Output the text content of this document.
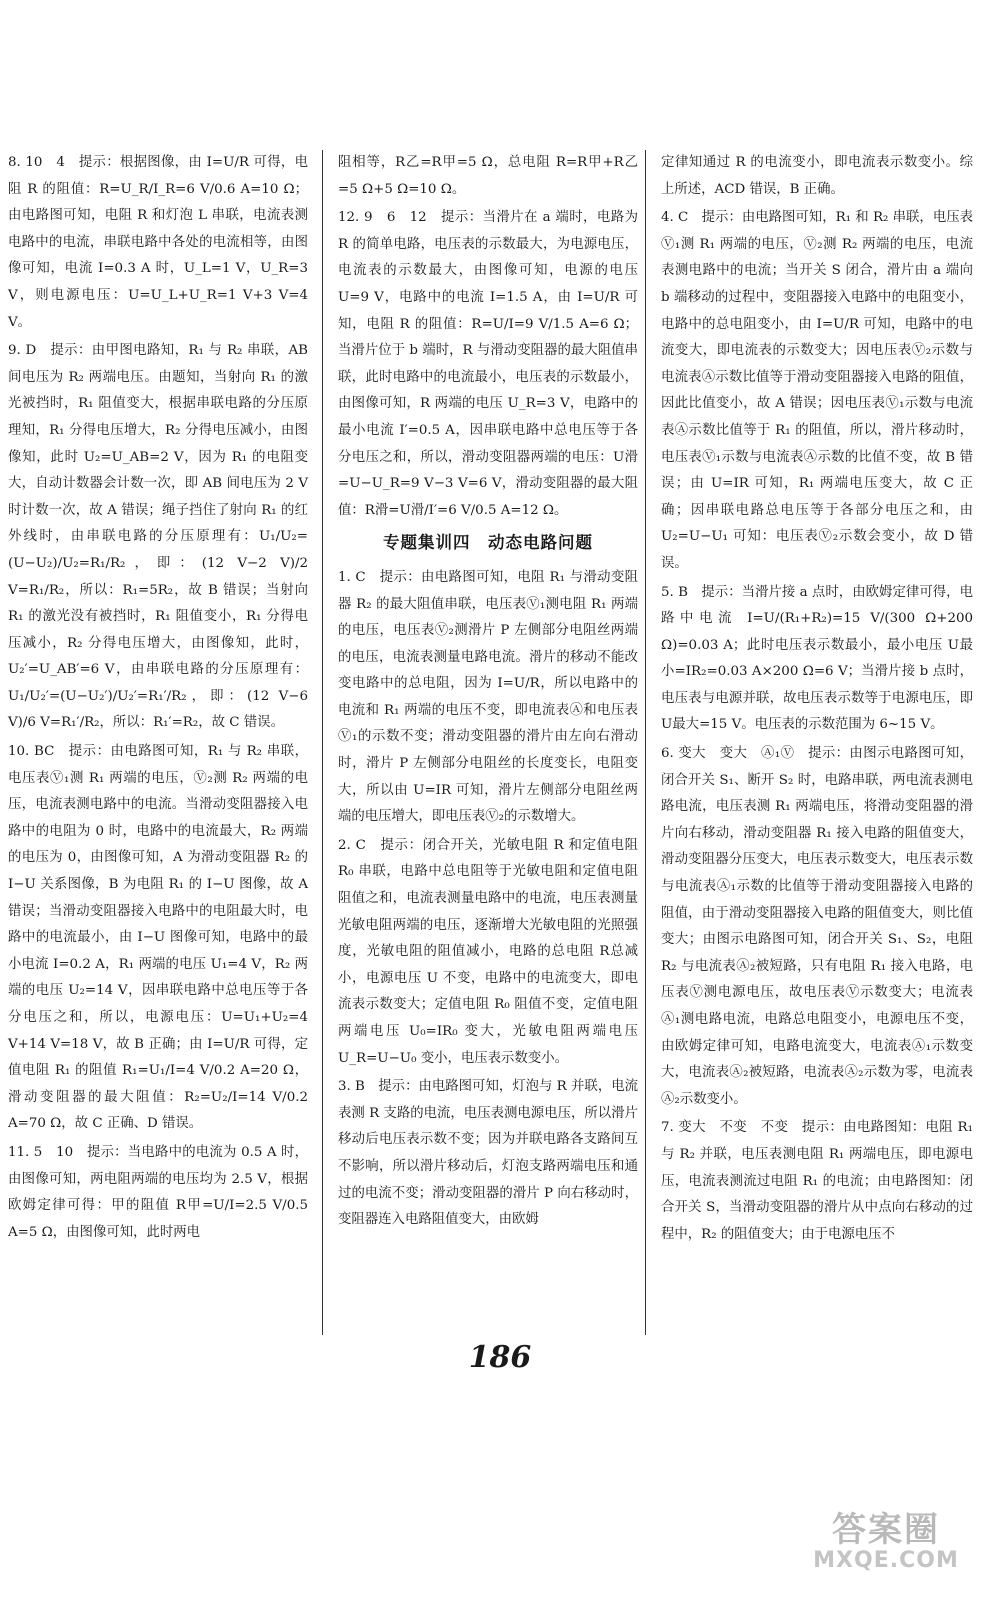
8. 10　4　提示：根据图像，由 I=U/R 可得，电阻 R 的阻值：R=U_R/I_R=6 V/0.6 A=10 Ω；由电路图可知，电阻 R 和灯泡 L 串联，电流表测电路中的电流，串联电路中各处的电流相等，由图像可知，电流 I=0.3 A 时，U_L=1 V，U_R=3 V，则电源电压：U=U_L+U_R=1 V+3 V=4 V。

9. D　提示：由甲图电路知，R₁ 与 R₂ 串联，AB 间电压为 R₂ 两端电压。由题知，当射向 R₁ 的激光被挡时，R₁ 阻值变大，根据串联电路的分压原理知，R₁ 分得电压增大，R₂ 分得电压减小，由图像知，此时 U₂=U_AB=2 V，因为 R₁ 的电阻变大，自动计数器会计数一次，即 AB 间电压为 2 V 时计数一次，故 A 错误；绳子挡住了射向 R₁ 的红外线时，由串联电路的分压原理有：U₁/U₂=(U−U₂)/U₂=R₁/R₂，即：(12 V−2 V)/2 V=R₁/R₂，所以：R₁=5R₂，故 B 错误；当射向 R₁ 的激光没有被挡时，R₁ 阻值变小，R₁ 分得电压减小，R₂ 分得电压增大，由图像知，此时，U₂′=U_AB′=6 V，由串联电路的分压原理有：U₁/U₂′=(U−U₂′)/U₂′=R₁′/R₂，即：(12 V−6 V)/6 V=R₁′/R₂，所以：R₁′=R₂，故 C 错误。

10. BC　提示：由电路图可知，R₁ 与 R₂ 串联，电压表Ⓥ₁测 R₁ 两端的电压，Ⓥ₂测 R₂ 两端的电压，电流表测电路中的电流。当滑动变阻器接入电路中的电阻为 0 时，电路中的电流最大，R₂ 两端的电压为 0，由图像可知，A 为滑动变阻器 R₂ 的 I−U 关系图像，B 为电阻 R₁ 的 I−U 图像，故 A 错误；当滑动变阻器接入电路中的电阻最大时，电路中的电流最小，由 I−U 图像可知，电路中的最小电流 I=0.2 A，R₁ 两端的电压 U₁=4 V，R₂ 两端的电压 U₂=14 V，因串联电路中总电压等于各分电压之和，所以，电源电压：U=U₁+U₂=4 V+14 V=18 V，故 B 正确；由 I=U/R 可得，定值电阻 R₁ 的阻值 R₁=U₁/I=4 V/0.2 A=20 Ω，滑动变阻器的最大阻值：R₂=U₂/I=14 V/0.2 A=70 Ω，故 C 正确、D 错误。

11. 5　10　提示：当电路中的电流为 0.5 A 时，由图像可知，两电阻两端的电压均为 2.5 V，根据欧姆定律可得：甲的阻值 R甲=U/I=2.5 V/0.5 A=5 Ω，由图像可知，此时两电

阻相等，R乙=R甲=5 Ω，总电阻 R=R甲+R乙=5 Ω+5 Ω=10 Ω。

12. 9　6　12　提示：当滑片在 a 端时，电路为 R 的简单电路，电压表的示数最大，为电源电压，电流表的示数最大，由图像可知，电源的电压 U=9 V，电路中的电流 I=1.5 A，由 I=U/R 可知，电阻 R 的阻值：R=U/I=9 V/1.5 A=6 Ω；当滑片位于 b 端时，R 与滑动变阻器的最大阻值串联，此时电路中的电流最小，电压表的示数最小，由图像可知，R 两端的电压 U_R=3 V，电路中的最小电流 I′=0.5 A，因串联电路中总电压等于各分电压之和，所以，滑动变阻器两端的电压：U滑=U−U_R=9 V−3 V=6 V，滑动变阻器的最大阻值：R滑=U滑/I′=6 V/0.5 A=12 Ω。

专题集训四　动态电路问题

1. C　提示：由电路图可知，电阻 R₁ 与滑动变阻器 R₂ 的最大阻值串联，电压表Ⓥ₁测电阻 R₁ 两端的电压，电压表Ⓥ₂测滑片 P 左侧部分电阻丝两端的电压，电流表测量电路电流。滑片的移动不能改变电路中的总电阻，因为 I=U/R，所以电路中的电流和 R₁ 两端的电压不变，即电流表Ⓐ和电压表Ⓥ₁的示数不变；滑动变阻器的滑片由左向右滑动时，滑片 P 左侧部分电阻丝的长度变长，电阻变大，所以由 U=IR 可知，滑片左侧部分电阻丝两端的电压增大，即电压表Ⓥ₂的示数增大。

2. C　提示：闭合开关，光敏电阻 R 和定值电阻 R₀ 串联，电路中总电阻等于光敏电阻和定值电阻阻值之和，电流表测量电路中的电流，电压表测量光敏电阻两端的电压，逐渐增大光敏电阻的光照强度，光敏电阻的阻值减小，电路的总电阻 R总减小，电源电压 U 不变，电路中的电流变大，即电流表示数变大；定值电阻 R₀ 阻值不变，定值电阻两端电压 U₀=IR₀ 变大，光敏电阻两端电压 U_R=U−U₀ 变小，电压表示数变小。

3. B　提示：由电路图可知，灯泡与 R 并联，电流表测 R 支路的电流，电压表测电源电压，所以滑片移动后电压表示数不变；因为并联电路各支路间互不影响，所以滑片移动后，灯泡支路两端电压和通过的电流不变；滑动变阻器的滑片 P 向右移动时，变阻器连入电路阻值变大，由欧姆

定律知通过 R 的电流变小，即电流表示数变小。综上所述，ACD 错误，B 正确。

4. C　提示：由电路图可知，R₁ 和 R₂ 串联，电压表Ⓥ₁测 R₁ 两端的电压，Ⓥ₂测 R₂ 两端的电压，电流表测电路中的电流；当开关 S 闭合，滑片由 a 端向 b 端移动的过程中，变阻器接入电路中的电阻变小，电路中的总电阻变小，由 I=U/R 可知，电路中的电流变大，即电流表的示数变大；因电压表Ⓥ₂示数与电流表Ⓐ示数比值等于滑动变阻器接入电路的阻值，因此比值变小，故 A 错误；因电压表Ⓥ₁示数与电流表Ⓐ示数比值等于 R₁ 的阻值，所以，滑片移动时，电压表Ⓥ₁示数与电流表Ⓐ示数的比值不变，故 B 错误；由 U=IR 可知，R₁ 两端电压变大，故 C 正确；因串联电路总电压等于各部分电压之和，由 U₂=U−U₁ 可知：电压表Ⓥ₂示数会变小，故 D 错误。

5. B　提示：当滑片接 a 点时，由欧姆定律可得，电路中电流 I=U/(R₁+R₂)=15 V/(300 Ω+200 Ω)=0.03 A；此时电压表示数最小，最小电压 U最小=IR₂=0.03 A×200 Ω=6 V；当滑片接 b 点时，电压表与电源并联，故电压表示数等于电源电压，即 U最大=15 V。电压表的示数范围为 6~15 V。

6. 变大　变大　Ⓐ₁Ⓥ　提示：由图示电路图可知，闭合开关 S₁、断开 S₂ 时，电路串联，两电流表测电路电流，电压表测 R₁ 两端电压，将滑动变阻器的滑片向右移动，滑动变阻器 R₁ 接入电路的阻值变大，滑动变阻器分压变大，电压表示数变大，电压表示数与电流表Ⓐ₁示数的比值等于滑动变阻器接入电路的阻值，由于滑动变阻器接入电路的阻值变大，则比值变大；由图示电路图可知，闭合开关 S₁、S₂，电阻 R₂ 与电流表Ⓐ₂被短路，只有电阻 R₁ 接入电路，电压表Ⓥ测电源电压，故电压表Ⓥ示数变大；电流表Ⓐ₁测电路电流，电路总电阻变小，电源电压不变，由欧姆定律可知，电路电流变大，电流表Ⓐ₁示数变大，电流表Ⓐ₂被短路，电流表Ⓐ₂示数为零，电流表Ⓐ₂示数变小。

7. 变大　不变　不变　提示：由电路图知：电阻 R₁ 与 R₂ 并联，电压表测电阻 R₁ 两端电压，即电源电压，电流表测流过电阻 R₁ 的电流；由电路图知：闭合开关 S，当滑动变阻器的滑片从中点向右移动的过程中，R₂ 的阻值变大；由于电源电压不

186
答案圈
MXQE.COM
